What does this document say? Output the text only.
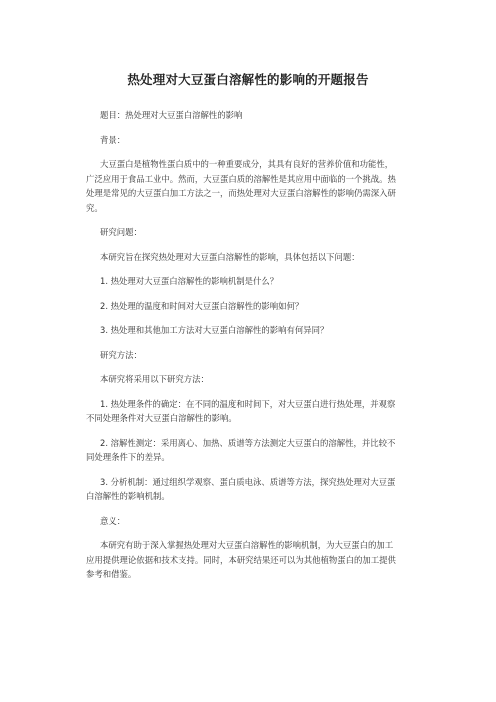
热处理对大豆蛋白溶解性的影响的开题报告

题目：热处理对大豆蛋白溶解性的影响

背景：

大豆蛋白是植物性蛋白质中的一种重要成分，其具有良好的营养价值和功能性，

广泛应用于食品工业中。然而，大豆蛋白质的溶解性是其应用中面临的一个挑战。热

处理是常见的大豆蛋白加工方法之一，而热处理对大豆蛋白溶解性的影响仍需深入研

究。

研究问题：

本研究旨在探究热处理对大豆蛋白溶解性的影响，具体包括以下问题：

1. 热处理对大豆蛋白溶解性的影响机制是什么？

2. 热处理的温度和时间对大豆蛋白溶解性的影响如何？

3. 热处理和其他加工方法对大豆蛋白溶解性的影响有何异同？

研究方法：

本研究将采用以下研究方法：

1. 热处理条件的确定：在不同的温度和时间下，对大豆蛋白进行热处理，并观察

不同处理条件对大豆蛋白溶解性的影响。

2. 溶解性测定：采用离心、加热、质谱等方法测定大豆蛋白的溶解性，并比较不

同处理条件下的差异。

3. 分析机制：通过组织学观察、蛋白质电泳、质谱等方法，探究热处理对大豆蛋

白溶解性的影响机制。

意义：

本研究有助于深入掌握热处理对大豆蛋白溶解性的影响机制，为大豆蛋白的加工

应用提供理论依据和技术支持。同时，本研究结果还可以为其他植物蛋白的加工提供

参考和借鉴。
